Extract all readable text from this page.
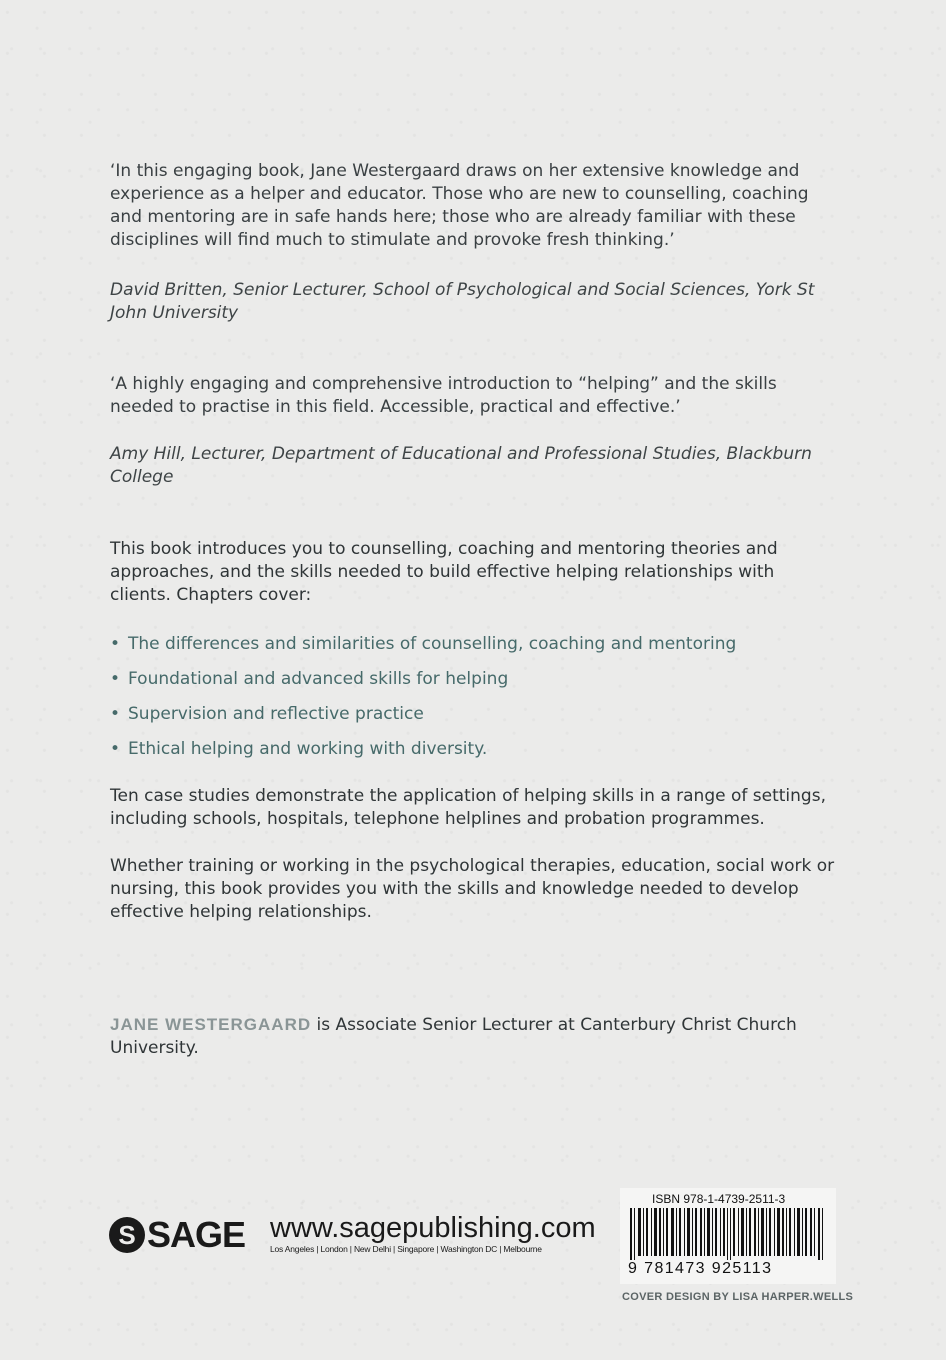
‘In this engaging book, Jane Westergaard draws on her extensive knowledge and experience as a helper and educator. Those who are new to counselling, coaching and mentoring are in safe hands here; those who are already familiar with these disciplines will find much to stimulate and provoke fresh thinking.’
David Britten, Senior Lecturer, School of Psychological and Social Sciences, York St John University
‘A highly engaging and comprehensive introduction to “helping” and the skills needed to practise in this field. Accessible, practical and effective.’
Amy Hill, Lecturer, Department of Educational and Professional Studies, Blackburn College
This book introduces you to counselling, coaching and mentoring theories and approaches, and the skills needed to build effective helping relationships with clients. Chapters cover:
• The differences and similarities of counselling, coaching and mentoring
• Foundational and advanced skills for helping
• Supervision and reflective practice
• Ethical helping and working with diversity.
Ten case studies demonstrate the application of helping skills in a range of settings, including schools, hospitals, telephone helplines and probation programmes.
Whether training or working in the psychological therapies, education, social work or nursing, this book provides you with the skills and knowledge needed to develop effective helping relationships.
JANE WESTERGAARD is Associate Senior Lecturer at Canterbury Christ Church University.
S SAGE www.sagepublishing.com
Los Angeles | London | New Delhi | Singapore | Washington DC | Melbourne
ISBN 978-1-4739-2511-3
9 781473 925113
COVER DESIGN BY LISA HARPER.WELLS
